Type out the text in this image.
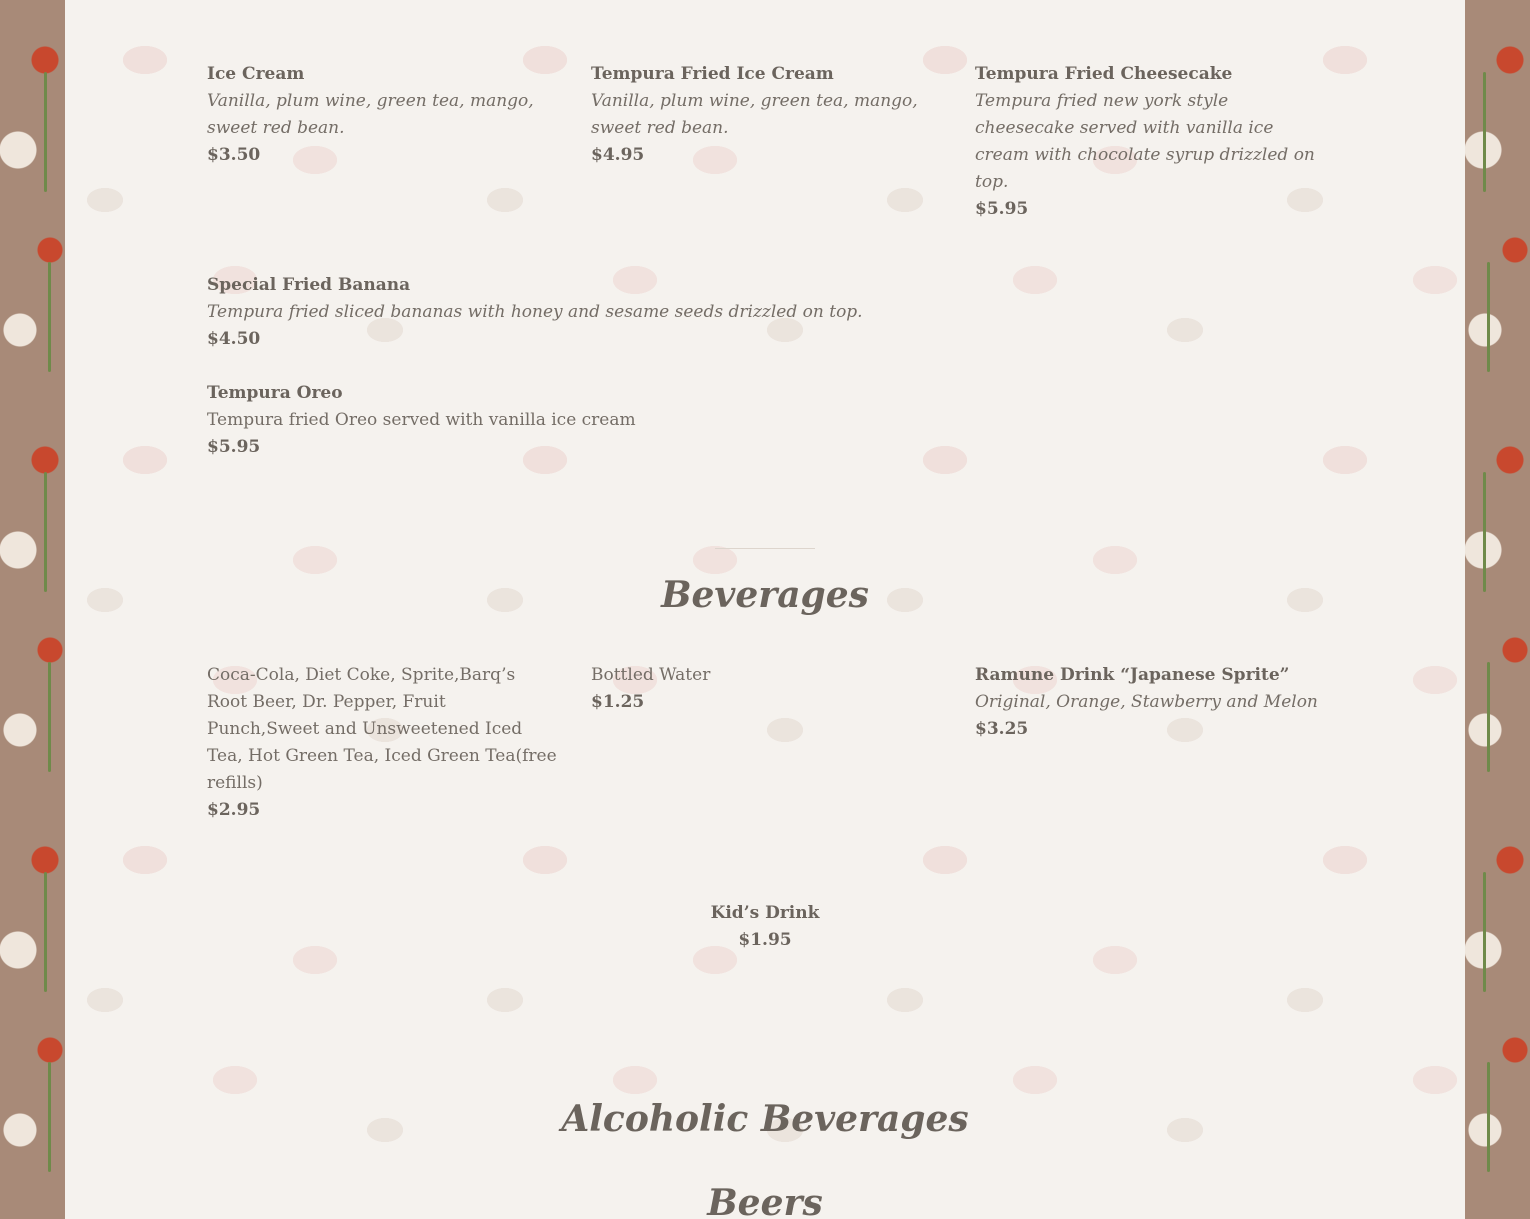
Ice Cream
Vanilla, plum wine, green tea, mango, sweet red bean.
$3.50
Tempura Fried Ice Cream
Vanilla, plum wine, green tea, mango, sweet red bean.
$4.95
Tempura Fried Cheesecake
Tempura fried new york style cheesecake served with vanilla ice cream with chocolate syrup drizzled on top.
$5.95
Special Fried Banana
Tempura fried sliced bananas with honey and sesame seeds drizzled on top.
$4.50
Tempura Oreo
Tempura fried Oreo served with vanilla ice cream
$5.95
Beverages
Coca-Cola, Diet Coke, Sprite,Barq’s Root Beer, Dr. Pepper, Fruit Punch,Sweet and Unsweetened Iced Tea, Hot Green Tea, Iced Green Tea(free refills)
$2.95
Bottled Water
$1.25
Ramune Drink “Japanese Sprite”
Original, Orange, Stawberry and Melon
$3.25
Kid’s Drink
$1.95
Alcoholic Beverages
Beers
